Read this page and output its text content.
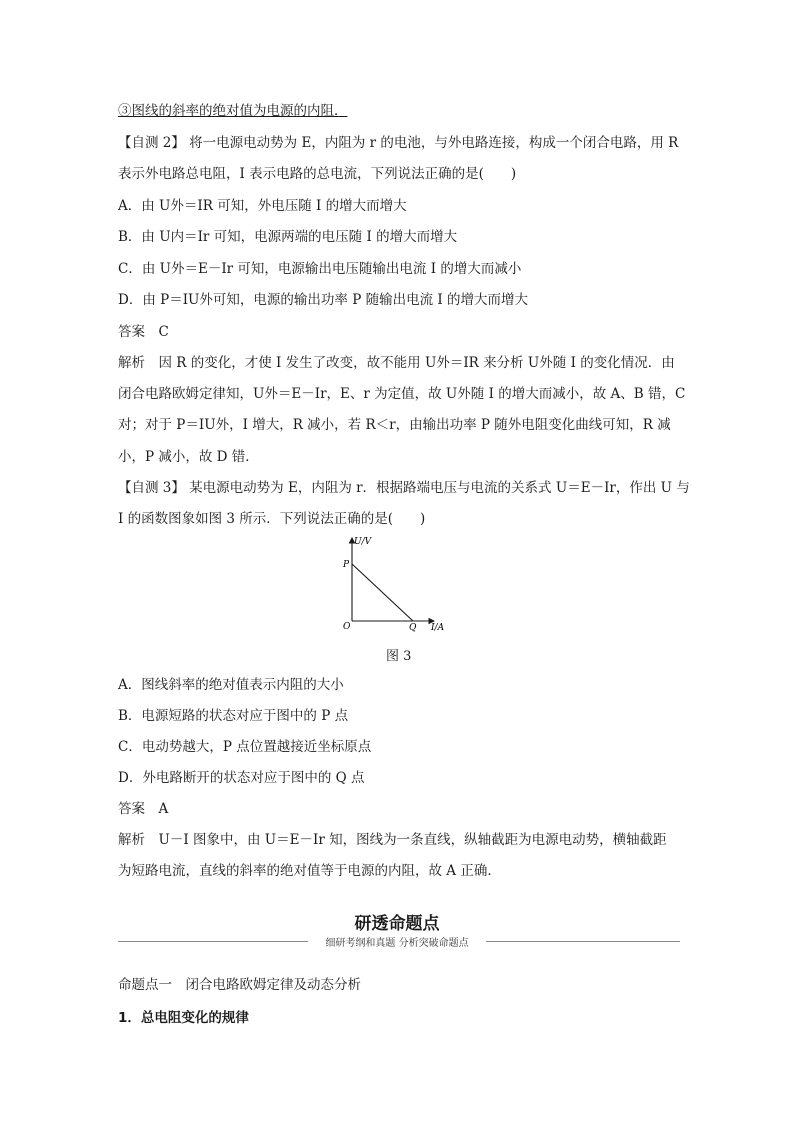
③图线的斜率的绝对值为电源的内阻．
【自测 2】 将一电源电动势为 E，内阻为 r 的电池，与外电路连接，构成一个闭合电路，用 R
表示外电路总电阻，I 表示电路的总电流，下列说法正确的是(　　)
A．由 U外＝IR 可知，外电压随 I 的增大而增大
B．由 U内＝Ir 可知，电源两端的电压随 I 的增大而增大
C．由 U外＝E－Ir 可知，电源输出电压随输出电流 I 的增大而减小
D．由 P＝IU外可知，电源的输出功率 P 随输出电流 I 的增大而增大
答案　C
解析　因 R 的变化，才使 I 发生了改变，故不能用 U外＝IR 来分析 U外随 I 的变化情况．由
闭合电路欧姆定律知，U外＝E－Ir，E、r 为定值，故 U外随 I 的增大而减小，故 A、B 错，C
对；对于 P＝IU外，I 增大，R 减小，若 R＜r，由输出功率 P 随外电阻变化曲线可知，R 减
小，P 减小，故 D 错．
【自测 3】 某电源电动势为 E，内阻为 r．根据路端电压与电流的关系式 U＝E－Ir，作出 U 与
I 的函数图象如图 3 所示．下列说法正确的是(　　)
U/V
P
O	Q I/A
图 3
A．图线斜率的绝对值表示内阻的大小
B．电源短路的状态对应于图中的 P 点
C．电动势越大，P 点位置越接近坐标原点
D．外电路断开的状态对应于图中的 Q 点
答案　A
解析　U－I 图象中，由 U＝E－Ir 知，图线为一条直线，纵轴截距为电源电动势，横轴截距
为短路电流，直线的斜率的绝对值等于电源的内阻，故 A 正确．
研透命题点
细研考纲和真题 分析突破命题点
命题点一　闭合电路欧姆定律及动态分析
1．总电阻变化的规律
